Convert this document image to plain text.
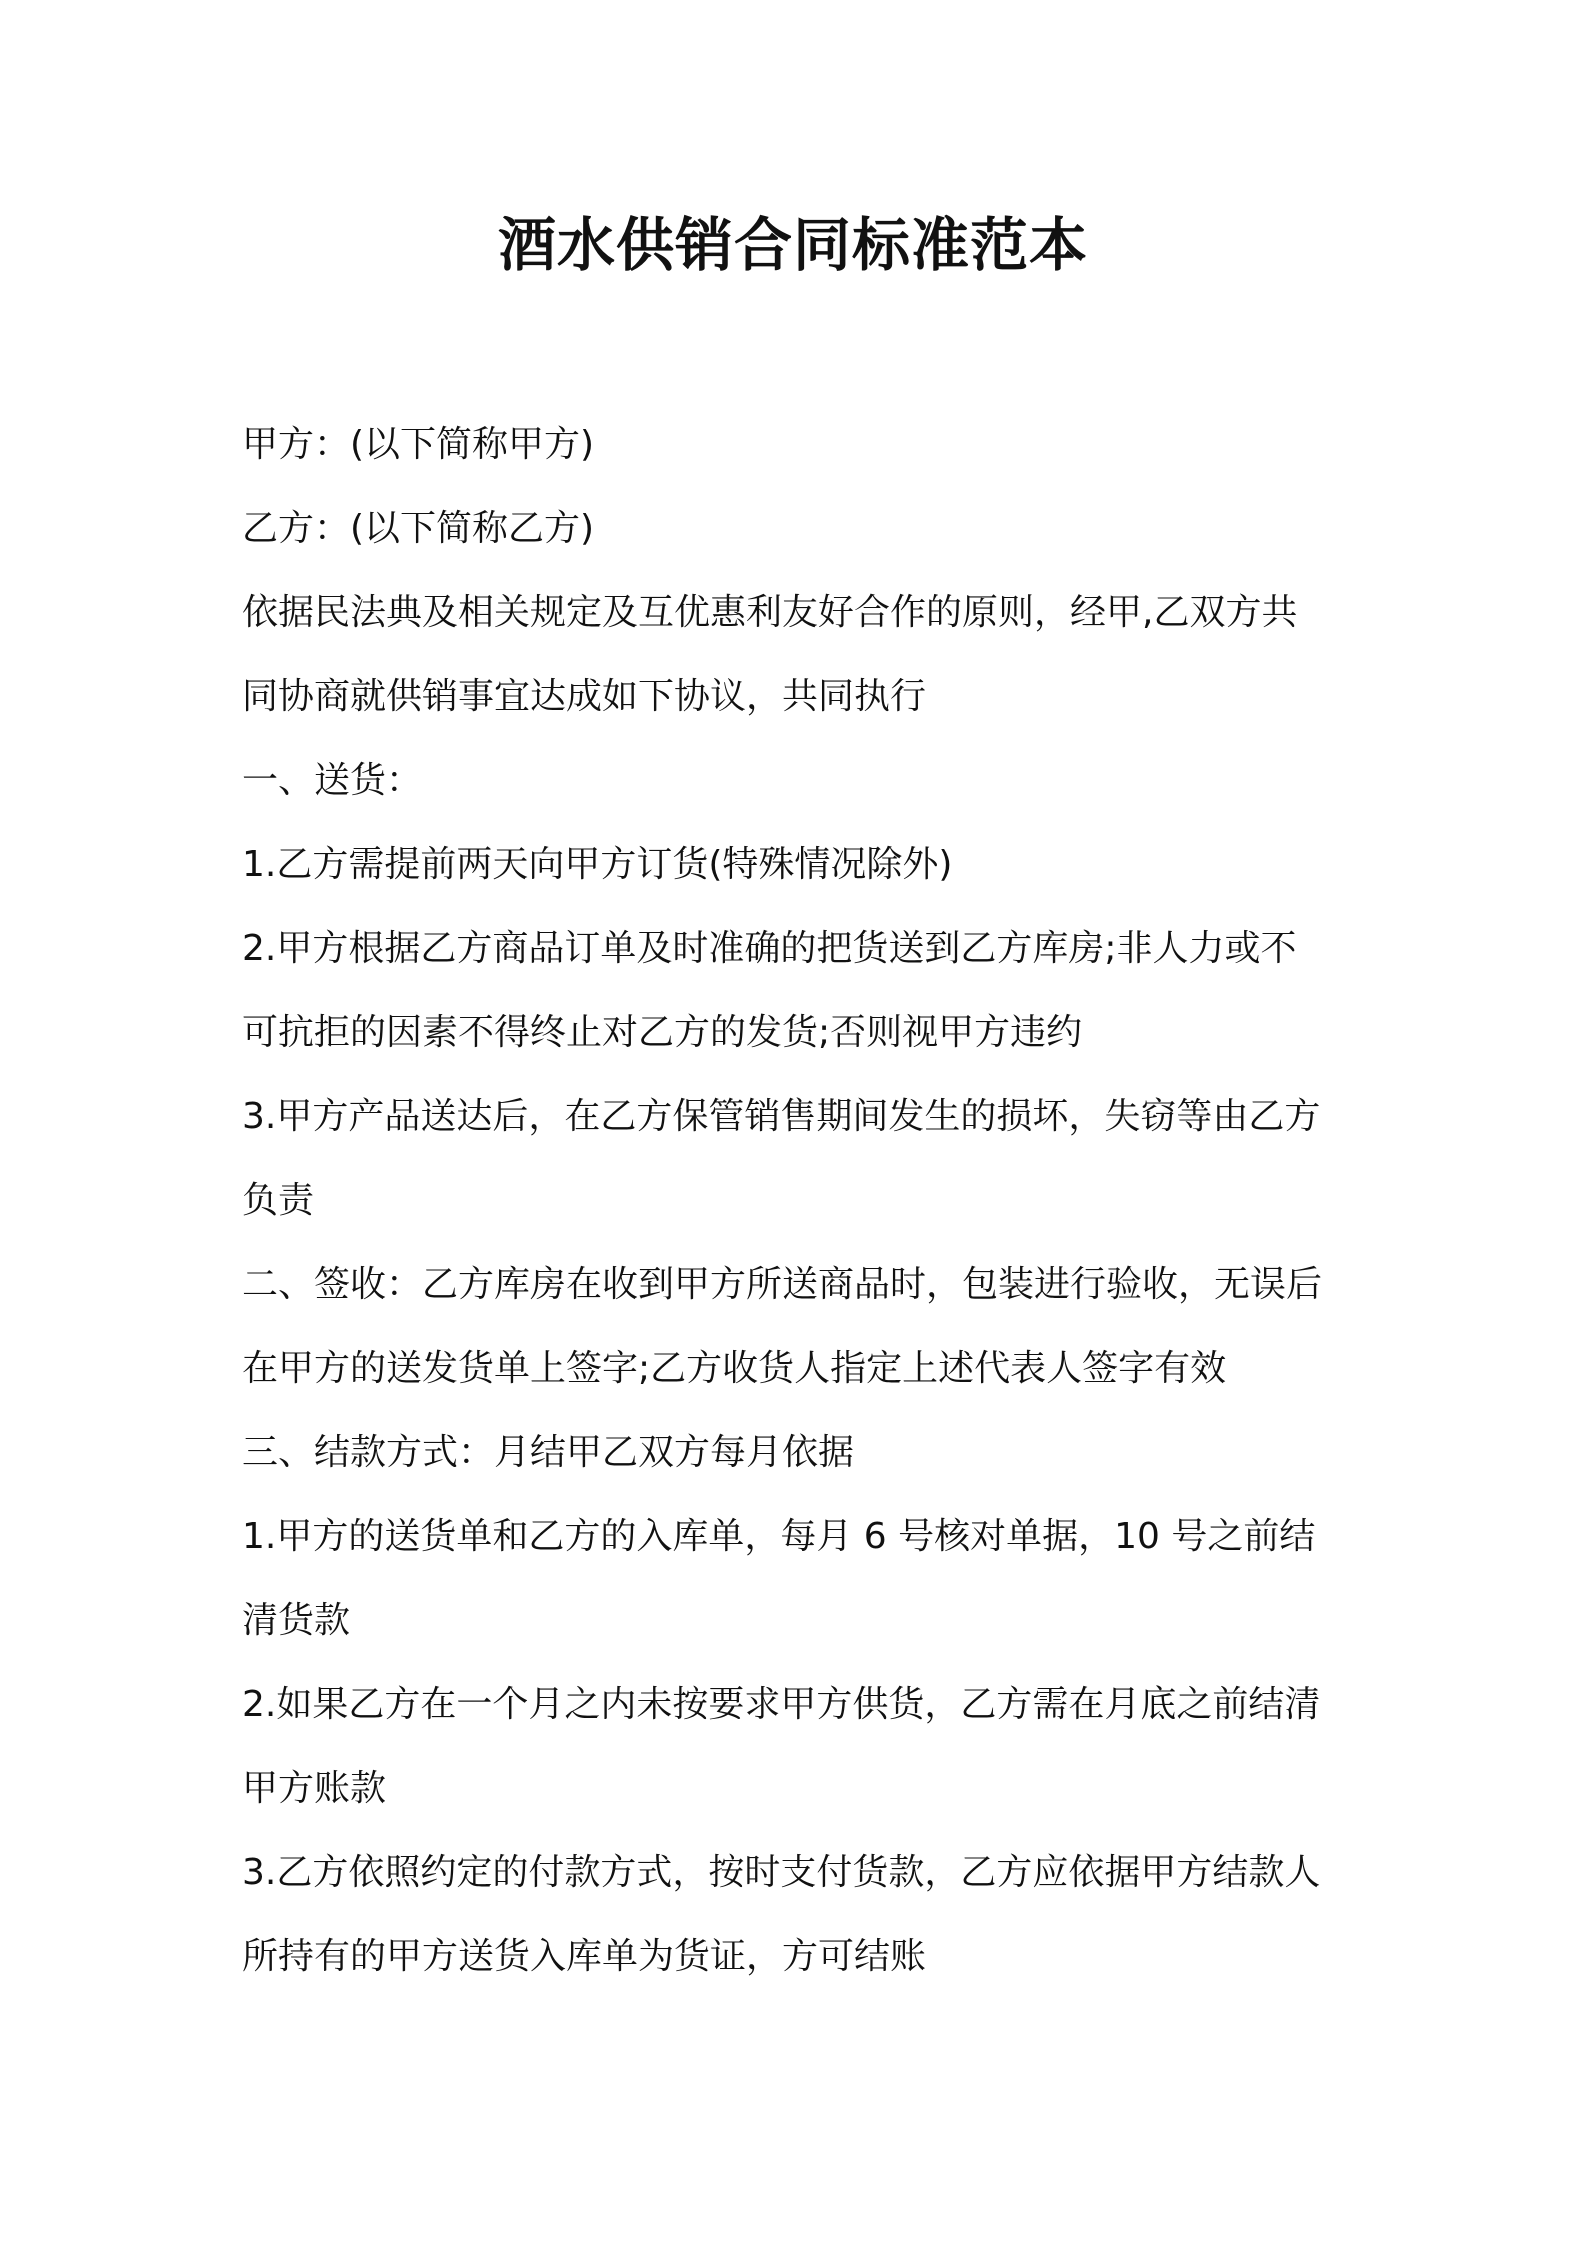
酒水供销合同标准范本
甲方：(以下简称甲方)
乙方：(以下简称乙方)
依据民法典及相关规定及互优惠利友好合作的原则，经甲,乙双方共
同协商就供销事宜达成如下协议，共同执行
一、送货：
1.乙方需提前两天向甲方订货(特殊情况除外)
2.甲方根据乙方商品订单及时准确的把货送到乙方库房;非人力或不
可抗拒的因素不得终止对乙方的发货;否则视甲方违约
3.甲方产品送达后，在乙方保管销售期间发生的损坏，失窃等由乙方
负责
二、签收：乙方库房在收到甲方所送商品时，包装进行验收，无误后
在甲方的送发货单上签字;乙方收货人指定上述代表人签字有效
三、结款方式：月结甲乙双方每月依据
1.甲方的送货单和乙方的入库单，每月 6 号核对单据，10 号之前结
清货款
2.如果乙方在一个月之内未按要求甲方供货，乙方需在月底之前结清
甲方账款
3.乙方依照约定的付款方式，按时支付货款，乙方应依据甲方结款人
所持有的甲方送货入库单为货证，方可结账
